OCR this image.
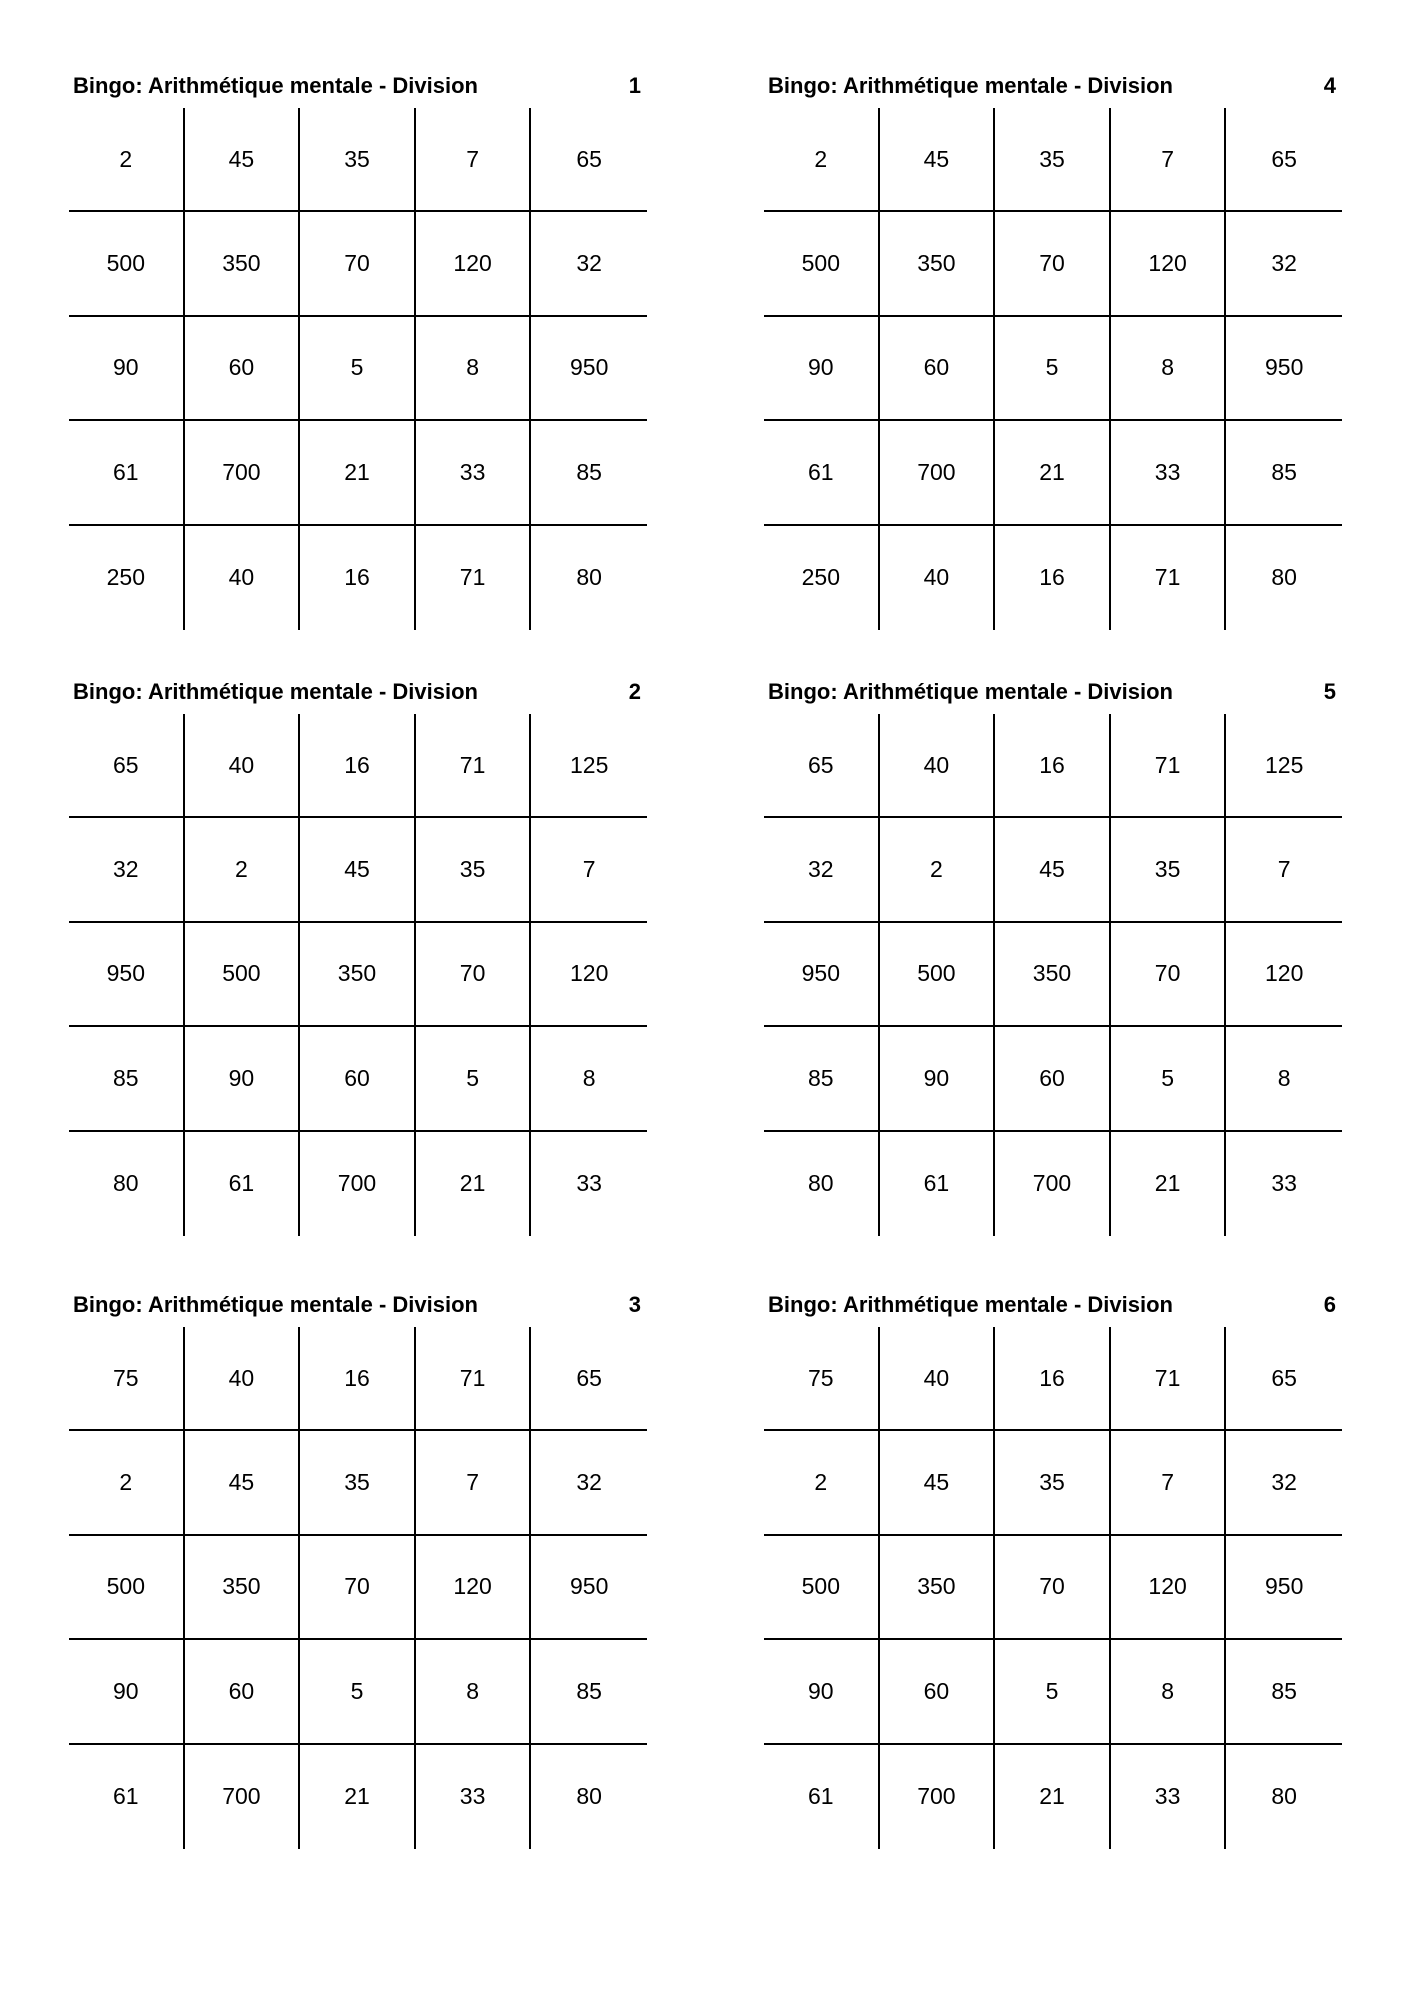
Bingo: Arithmétique mentale - Division	1
2	45	35	7	65
500	350	70	120	32
90	60	5	8	950
61	700	21	33	85
250	40	16	71	80
Bingo: Arithmétique mentale - Division	2
65	40	16	71	125
32	2	45	35	7
950	500	350	70	120
85	90	60	5	8
80	61	700	21	33
Bingo: Arithmétique mentale - Division	3
75	40	16	71	65
2	45	35	7	32
500	350	70	120	950
90	60	5	8	85
61	700	21	33	80
Bingo: Arithmétique mentale - Division	4
2	45	35	7	65
500	350	70	120	32
90	60	5	8	950
61	700	21	33	85
250	40	16	71	80
Bingo: Arithmétique mentale - Division	5
65	40	16	71	125
32	2	45	35	7
950	500	350	70	120
85	90	60	5	8
80	61	700	21	33
Bingo: Arithmétique mentale - Division	6
75	40	16	71	65
2	45	35	7	32
500	350	70	120	950
90	60	5	8	85
61	700	21	33	80
